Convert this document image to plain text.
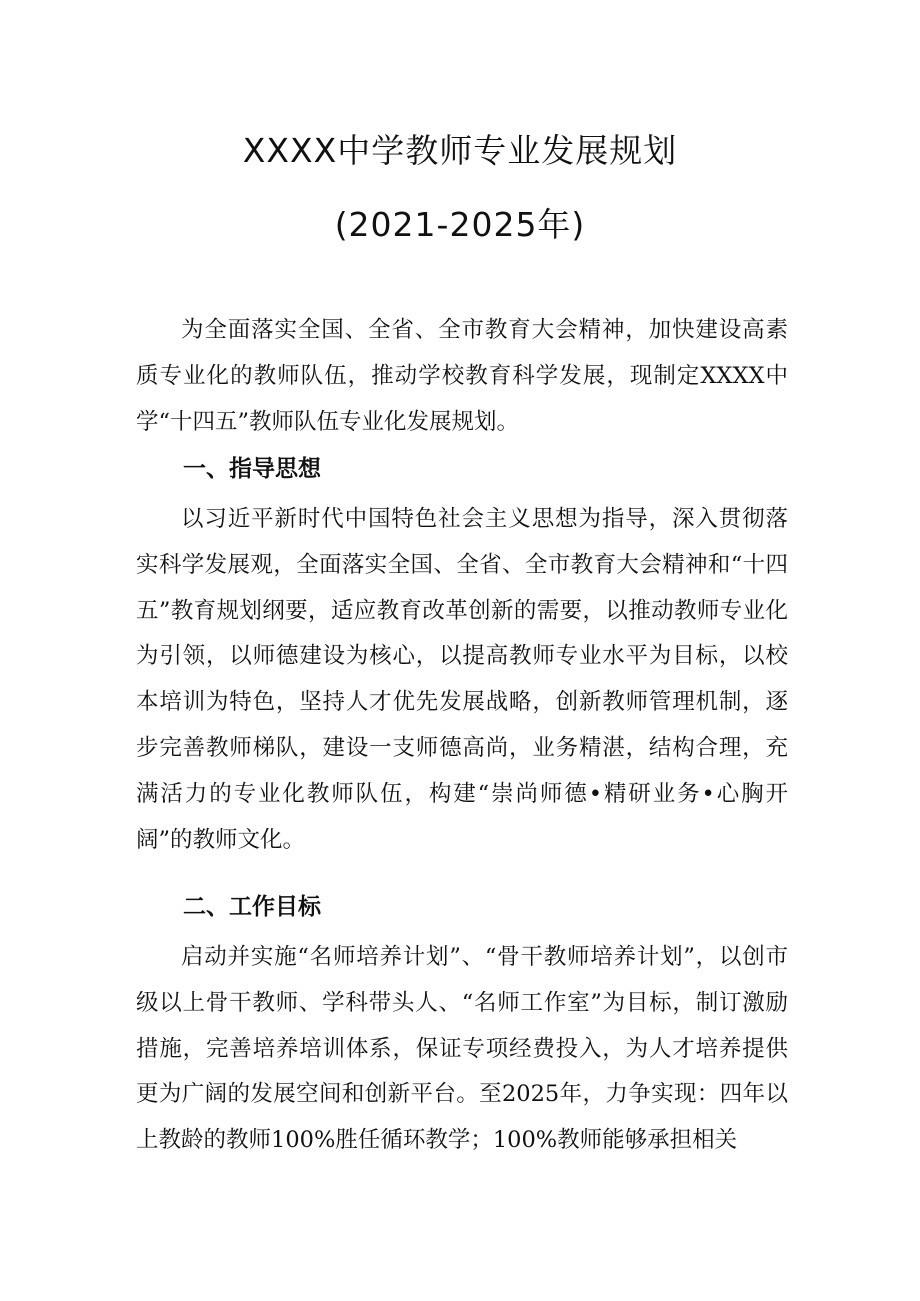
XXXX中学教师专业发展规划
(2021-2025年)

为全面落实全国、全省、全市教育大会精神，加快建设高素质专业化的教师队伍，推动学校教育科学发展，现制定XXXX中学“十四五”教师队伍专业化发展规划。

一、指导思想

以习近平新时代中国特色社会主义思想为指导，深入贯彻落实科学发展观，全面落实全国、全省、全市教育大会精神和“十四五”教育规划纲要，适应教育改革创新的需要，以推动教师专业化为引领，以师德建设为核心，以提高教师专业水平为目标，以校本培训为特色，坚持人才优先发展战略，创新教师管理机制，逐步完善教师梯队，建设一支师德高尚，业务精湛，结构合理，充满活力的专业化教师队伍，构建“崇尚师德•精研业务•心胸开阔”的教师文化。

二、工作目标

启动并实施“名师培养计划”、“骨干教师培养计划”，以创市级以上骨干教师、学科带头人、“名师工作室”为目标，制订激励措施，完善培养培训体系，保证专项经费投入，为人才培养提供更为广阔的发展空间和创新平台。至2025年，力争实现：四年以上教龄的教师100%胜任循环教学；100%教师能够承担相关
